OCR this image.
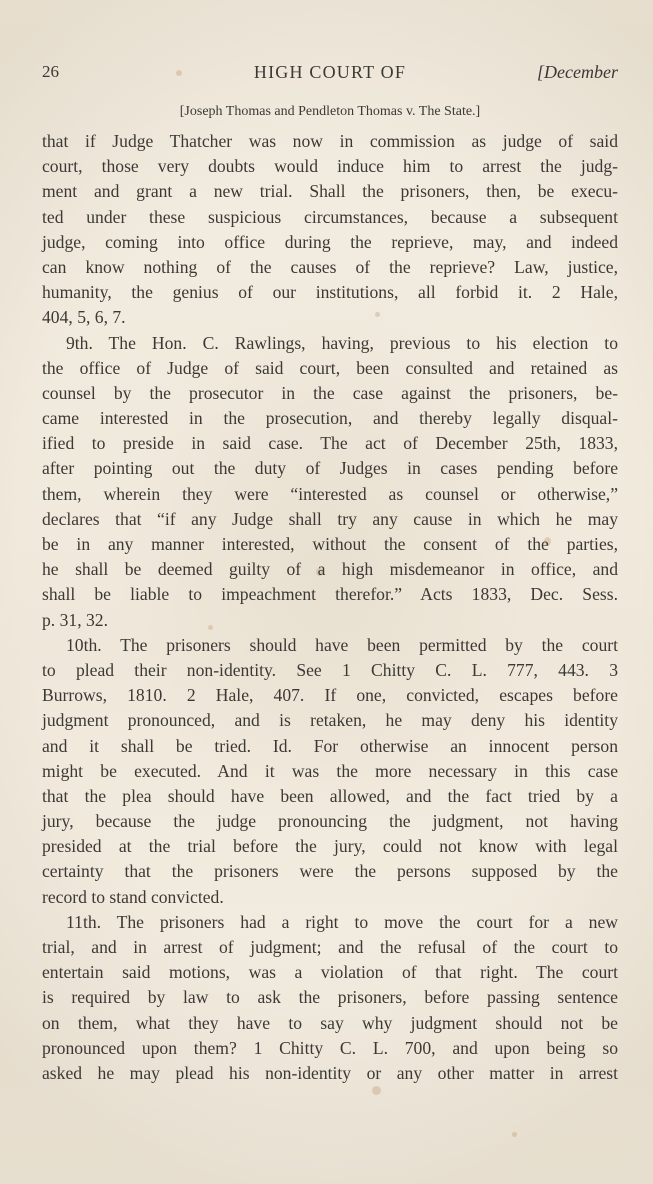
26	HIGH COURT OF	[December
[Joseph Thomas and Pendleton Thomas v. The State.]
that if Judge Thatcher was now in commission as judge of said
court, those very doubts would induce him to arrest the judg-
ment and grant a new trial. Shall the prisoners, then, be execu-
ted under these suspicious circumstances, because a subsequent
judge, coming into office during the reprieve, may, and indeed
can know nothing of the causes of the reprieve? Law, justice,
humanity, the genius of our institutions, all forbid it. 2 Hale,
404, 5, 6, 7.
9th. The Hon. C. Rawlings, having, previous to his election to
the office of Judge of said court, been consulted and retained as
counsel by the prosecutor in the case against the prisoners, be-
came interested in the prosecution, and thereby legally disqual-
ified to preside in said case. The act of December 25th, 1833,
after pointing out the duty of Judges in cases pending before
them, wherein they were “interested as counsel or otherwise,”
declares that “if any Judge shall try any cause in which he may
be in any manner interested, without the consent of the parties,
he shall be deemed guilty of a high misdemeanor in office, and
shall be liable to impeachment therefor.” Acts 1833, Dec. Sess.
p. 31, 32.
10th. The prisoners should have been permitted by the court
to plead their non-identity. See 1 Chitty C. L. 777, 443. 3
Burrows, 1810. 2 Hale, 407. If one, convicted, escapes before
judgment pronounced, and is retaken, he may deny his identity
and it shall be tried. Id. For otherwise an innocent person
might be executed. And it was the more necessary in this case
that the plea should have been allowed, and the fact tried by a
jury, because the judge pronouncing the judgment, not having
presided at the trial before the jury, could not know with legal
certainty that the prisoners were the persons supposed by the
record to stand convicted.
11th. The prisoners had a right to move the court for a new
trial, and in arrest of judgment; and the refusal of the court to
entertain said motions, was a violation of that right. The court
is required by law to ask the prisoners, before passing sentence
on them, what they have to say why judgment should not be
pronounced upon them? 1 Chitty C. L. 700, and upon being so
asked he may plead his non-identity or any other matter in arrest
